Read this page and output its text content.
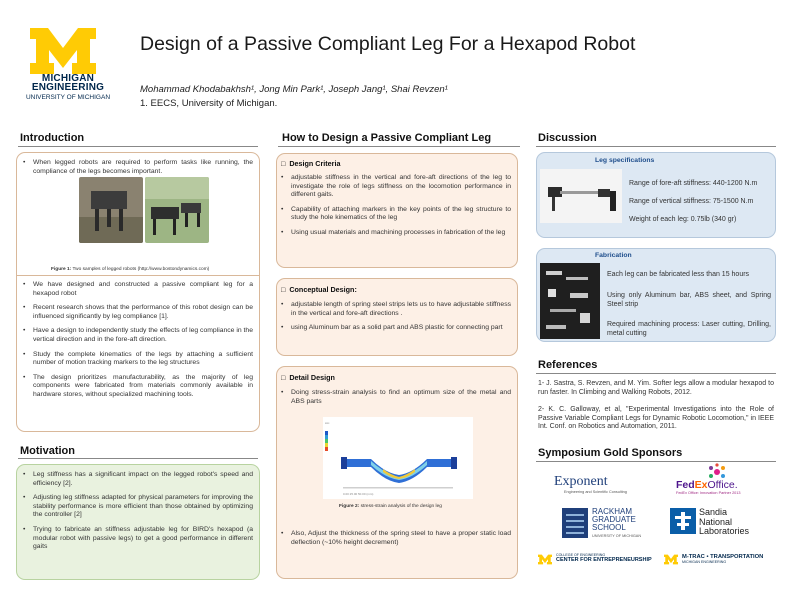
MICHIGAN
ENGINEERING
UNIVERSITY OF MICHIGAN
Design of a Passive Compliant Leg For a Hexapod Robot
Mohammad Khodabakhsh¹, Jong Min Park¹, Joseph Jang¹, Shai Revzen¹
1. EECS, University of Michigan.
Introduction
• When legged robots are required to perform tasks like running, the compliance of the legs becomes important.
Figure 1: Two samples of legged robots (http://www.bostondynamics.com)
• We have designed and constructed a passive compliant leg for a hexapod robot
• Recent research shows that the performance of this robot design can be influenced significantly by leg compliance [1].
• Have a design to independently study the effects of leg compliance in the vertical direction and in the fore-aft direction.
• Study the complete kinematics of the legs by attaching a sufficient number of motion tracking markers to the leg structures
• The design prioritizes manufacturability, as the majority of leg components were fabricated from materials commonly available in hardware stores, without specialized machining tools.
Motivation
• Leg stiffness has a significant impact on the legged robot's speed and efficiency [2].
• Adjusting leg stiffness adapted for physical parameters for improving the stability performance is more efficient than those obtained by optimizing the controller [2]
• Trying to fabricate an stiffness adjustable leg for BIRD's hexapod (a modular robot with passive legs) to get a good performance in different gaits
How to Design a Passive Compliant Leg
□ Design Criteria
• adjustable stiffness in the vertical and fore-aft directions of the leg to investigate the role of legs stiffness on the locomotion performance in different gaits.
• Capability of attaching markers in the key points of the leg structure to study the hole kinematics of the leg
• Using usual materials and machining processes in fabrication of the leg
□ Conceptual Design:
• adjustable length of spring steel strips lets us to have adjustable stiffness in the vertical and fore-aft directions .
• using Aluminum bar as a solid part and ABS plastic for connecting part
□ Detail Design
• Doing stress-strain analysis to find an optimum size of the metal and ABS parts
▪▪▪▪
0.00 25.00 50.00 (mm)
Figure 2: stress-strain analysis of the design leg
• Also, Adjust the thickness of the spring steel to have a proper static load deflection (~10% height decrement)
Discussion
Leg specifications
Range of fore-aft stiffness: 440-1200 N.m
Range of vertical stiffness: 75-1500 N.m
Weight of each leg: 0.75lb (340 gr)
Fabrication
Each leg can be fabricated less than 15 hours
Using only Aluminum bar, ABS sheet, and Spring Steel strip
Required machining process: Laser cutting, Drilling, metal cutting
References
1- J. Sastra, S. Revzen, and M. Yim. Softer legs allow a modular hexapod to run faster. In Climbing and Walking Robots, 2012.
2- K. C. Galloway, et al, "Experimental Investigations into the Role of Passive Variable Compliant Legs for Dynamic Robotic Locomotion," in IEEE Int. Conf. on Robotics and Automation, 2011.
Symposium Gold Sponsors
Exponent
Engineering and Scientific Consulting
FedExOffice.
FedEx Office: Innovation Partner 2013
RACKHAM
GRADUATE
SCHOOL
UNIVERSITY OF MICHIGAN
Sandia
National
Laboratories
COLLEGE OF ENGINEERING
CENTER FOR ENTREPRENEURSHIP	M-TRAC • TRANSPORTATION
MICHIGAN ENGINEERING
